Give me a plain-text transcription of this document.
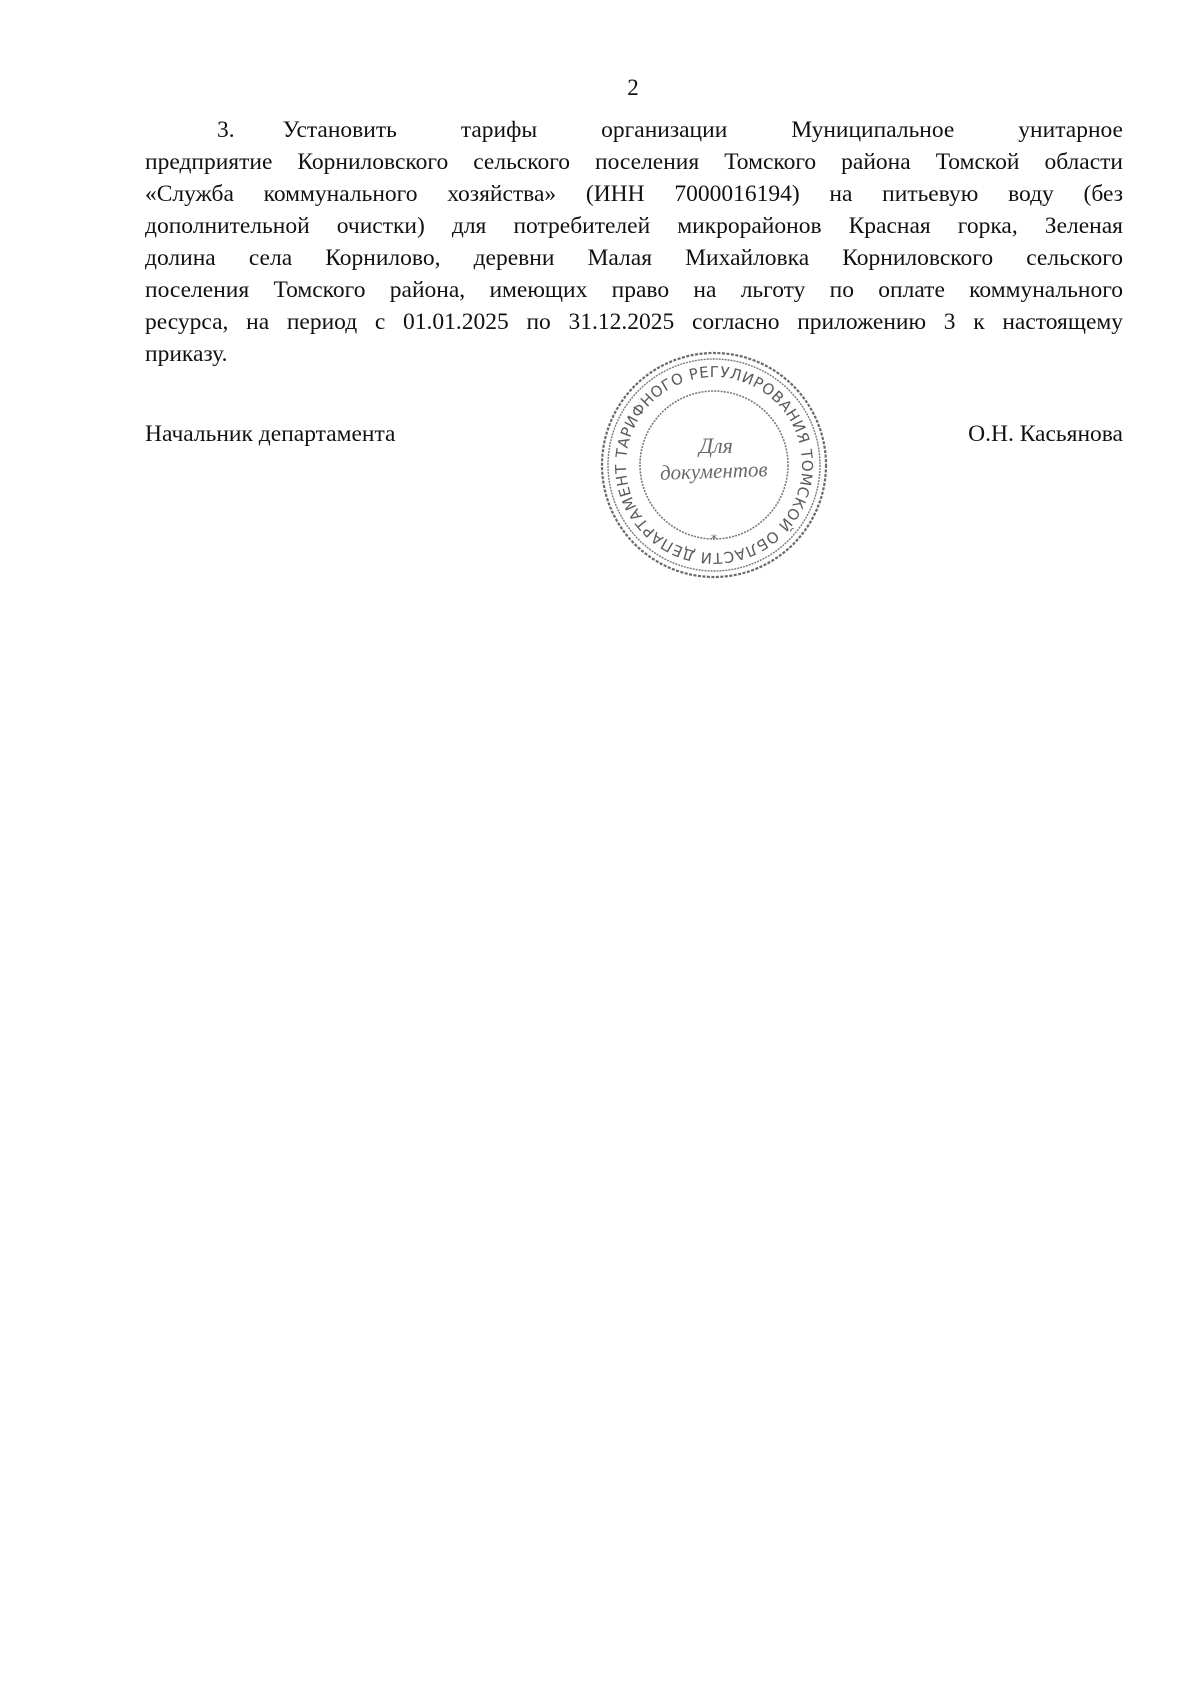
2
3. Установить тарифы организации Муниципальное унитарное
предприятие Корниловского сельского поселения Томского района Томской области
«Служба коммунального хозяйства» (ИНН 7000016194) на питьевую воду (без
дополнительной очистки) для потребителей микрорайонов Красная горка, Зеленая
долина села Корнилово, деревни Малая Михайловка Корниловского сельского
поселения Томского района, имеющих право на льготу по оплате коммунального
ресурса, на период с 01.01.2025 по 31.12.2025 согласно приложению 3 к настоящему
приказу.
Начальник департамента	О.Н. Касьянова
ДЕПАРТАМЕНТ ТАРИФНОГО РЕГУЛИРОВАНИЯ ТОМСКОЙ ОБЛАСТИ
*
Для
документов
